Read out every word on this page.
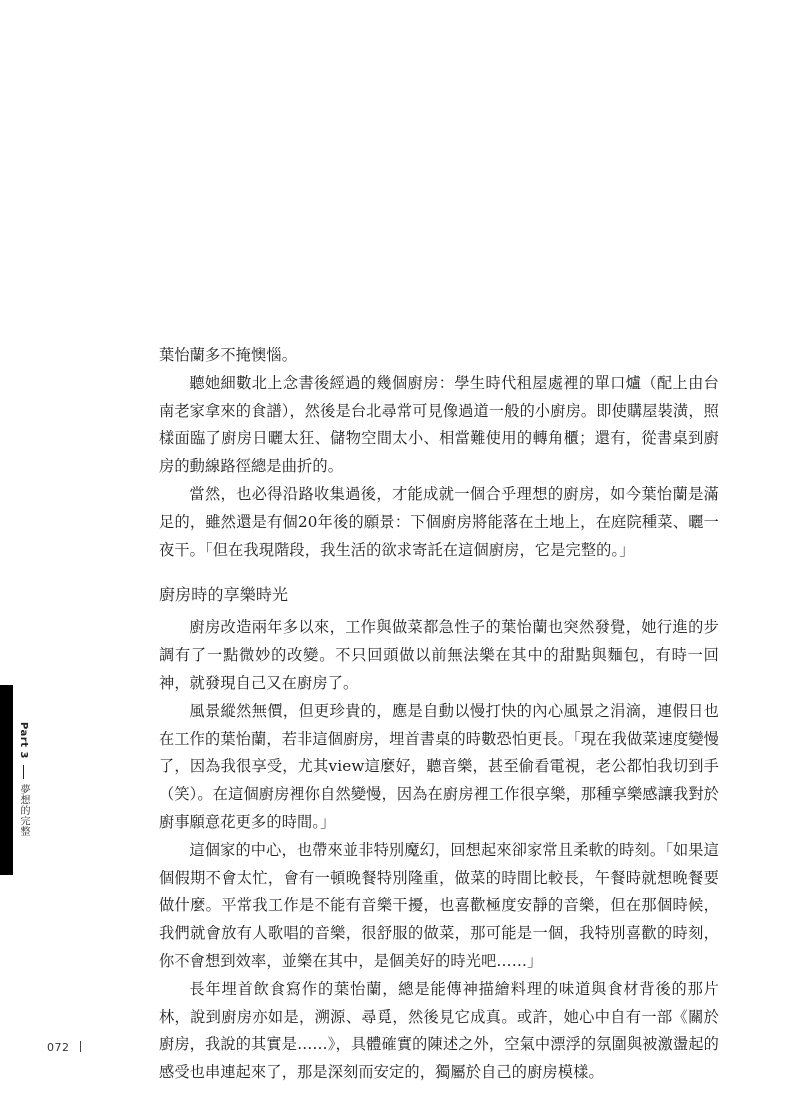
葉怡蘭多不掩懊惱。

聽她細數北上念書後經過的幾個廚房：學生時代租屋處裡的單口爐（配上由台南老家拿來的食譜），然後是台北尋常可見像過道一般的小廚房。即使購屋裝潢，照樣面臨了廚房日曬太狂、儲物空間太小、相當難使用的轉角櫃；還有，從書桌到廚房的動線路徑總是曲折的。

當然，也必得沿路收集過後，才能成就一個合乎理想的廚房，如今葉怡蘭是滿足的，雖然還是有個20年後的願景：下個廚房將能落在土地上，在庭院種菜、曬一夜干。「但在我現階段，我生活的欲求寄託在這個廚房，它是完整的。」

廚房時的享樂時光

廚房改造兩年多以來，工作與做菜都急性子的葉怡蘭也突然發覺，她行進的步調有了一點微妙的改變。不只回頭做以前無法樂在其中的甜點與麵包，有時一回神，就發現自己又在廚房了。

風景縱然無價，但更珍貴的，應是自動以慢打快的內心風景之涓滴，連假日也在工作的葉怡蘭，若非這個廚房，埋首書桌的時數恐怕更長。「現在我做菜速度變慢了，因為我很享受，尤其view這麼好，聽音樂，甚至偷看電視，老公都怕我切到手（笑）。在這個廚房裡你自然變慢，因為在廚房裡工作很享樂，那種享樂感讓我對於廚事願意花更多的時間。」

這個家的中心，也帶來並非特別魔幻，回想起來卻家常且柔軟的時刻。「如果這個假期不會太忙，會有一頓晚餐特別隆重，做菜的時間比較長，午餐時就想晚餐要做什麼。平常我工作是不能有音樂干擾，也喜歡極度安靜的音樂，但在那個時候，我們就會放有人歌唱的音樂，很舒服的做菜，那可能是一個，我特別喜歡的時刻，你不會想到效率，並樂在其中，是個美好的時光吧……」

長年埋首飲食寫作的葉怡蘭，總是能傳神描繪料理的味道與食材背後的那片林，說到廚房亦如是，溯源、尋覓，然後見它成真。或許，她心中自有一部《關於廚房，我說的其實是……》，具體確實的陳述之外，空氣中漂浮的氛圍與被激盪起的感受也串連起來了，那是深刻而安定的，獨屬於自己的廚房模樣。

Part 3  夢想的完整
072
